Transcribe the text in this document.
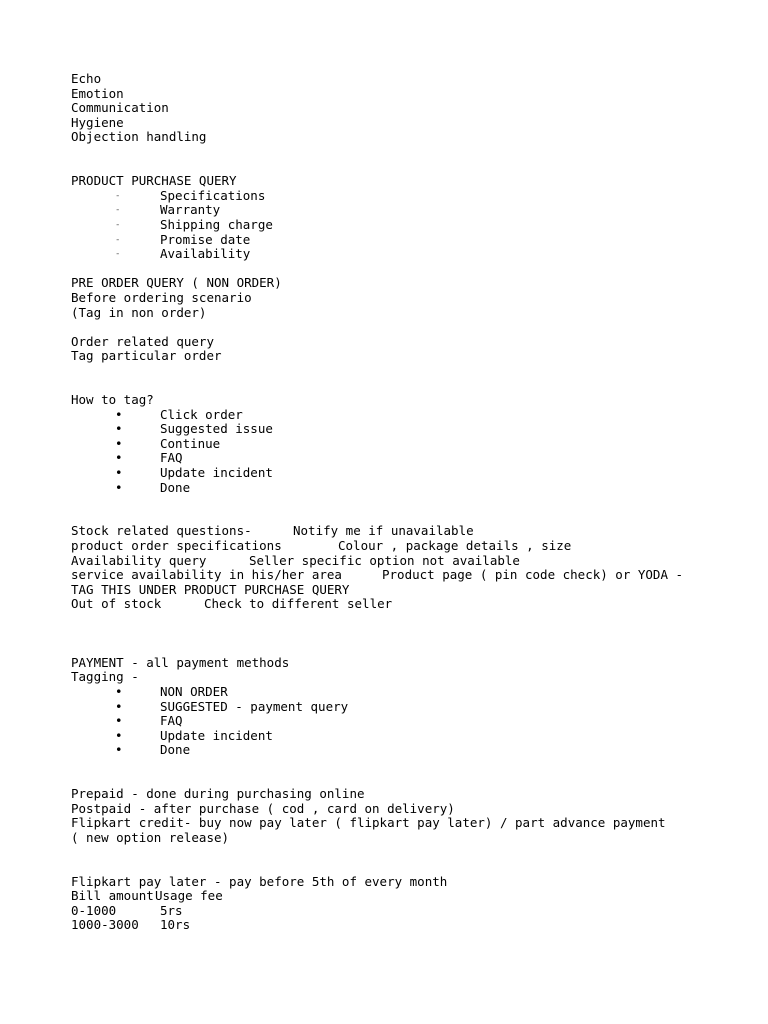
Echo
Emotion
Communication
Hygiene
Objection handling
PRODUCT PURCHASE QUERY
-	Specifications
-	Warranty
-	Shipping charge
-	Promise date
-	Availability
PRE ORDER QUERY ( NON ORDER)
Before ordering scenario
(Tag in non order)
Order related query
Tag particular order
How to tag?
•	Click order
•	Suggested issue
•	Continue
•	FAQ
•	Update incident
•	Done
Stock related questions-	Notify me if unavailable
product order specifications	Colour , package details , size
Availability query	Seller specific option not available
service availability in his/her area	Product page ( pin code check) or YODA -
TAG THIS UNDER PRODUCT PURCHASE QUERY
Out of stock	Check to different seller
PAYMENT - all payment methods
Tagging -
•	NON ORDER
•	SUGGESTED - payment query
•	FAQ
•	Update incident
•	Done
Prepaid - done during purchasing online
Postpaid - after purchase ( cod , card on delivery)
Flipkart credit- buy now pay later ( flipkart pay later) / part advance payment
( new option release)
Flipkart pay later - pay before 5th of every month
Bill amount Usage fee
0-1000	5rs
1000-3000	10rs
